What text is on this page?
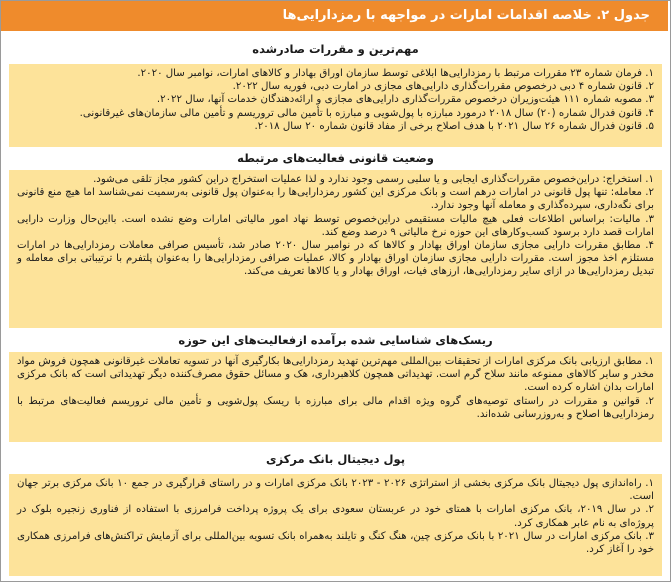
جدول ۲. خلاصه اقدامات امارات در مواجهه با رمزدارایی‌ها
مهم‌ترین و مقررات صادرشده

۱. فرمان شماره ۲۳ مقررات مرتبط با رمزدارایی‌ها ابلاغی توسط سازمان اوراق بهادار و کالاهای امارات، نوامبر سال ۲۰۲۰.

۲. قانون شماره ۴ دبی درخصوص مقررات‌گذاری دارایی‌های مجازی در امارت دبی، فوریه سال ۲۰۲۲.

۳. مصوبه شماره ۱۱۱ هیئت‌وزیران درخصوص مقررات‌گذاری دارایی‌های مجازی و ارائه‌دهندگان خدمات آنها، سال ۲۰۲۲.

۴. قانون فدرال شماره (۲۰) سال ۲۰۱۸ درمورد مبارزه با پول‌شویی و مبارزه با تأمین مالی تروریسم و تأمین مالی سازمان‌های غیرقانونی.

۵. قانون فدرال شماره ۲۶ سال ۲۰۲۱ با هدف اصلاح برخی از مفاد قانون شماره ۲۰ سال ۲۰۱۸.

وضعیت قانونی فعالیت‌های مرتبطه

۱. استخراج: دراین‌خصوص مقررات‌گذاری ایجابی و یا سلبی رسمی وجود ندارد و لذا عملیات استخراج دراین کشور مجاز تلقی می‌شود.

۲. معامله: تنها پول قانونی در امارات درهم است و بانک مرکزی این کشور رمزدارایی‌ها را به‌عنوان پول قانونی به‌رسمیت نمی‌شناسد اما هیچ منع قانونی برای نگه‌داری، سپرده‌گذاری و معامله آنها وجود ندارد.

۳. مالیات: براساس اطلاعات فعلی هیچ مالیات مستقیمی دراین‌خصوص توسط نهاد امور مالیاتی امارات وضع نشده است. بااین‌حال وزارت دارایی امارات قصد دارد برسود کسب‌وکارهای این حوزه نرخ مالیاتی ۹ درصد وضع کند.

۴. مطابق مقررات دارایی مجازی سازمان اوراق بهادار و کالاها که در نوامبر سال ۲۰۲۰ صادر شد، تأسیس صرافی معاملات رمزدارایی‌ها در امارات مستلزم اخذ مجوز است. مقررات دارایی مجازی سازمان اوراق بهادار و کالا، عملیات صرافی رمزدارایی‌ها را به‌عنوان پلتفرم با ترتیباتی برای معامله و تبدیل رمزدارایی‌ها در ازای سایر رمزدارایی‌ها، ارزهای فیات، اوراق بهادار و یا کالاها تعریف می‌کند.

ریسک‌های شناسایی شده برآمده ازفعالیت‌های این حوزه

۱. مطابق ارزیابی بانک مرکزی امارات از تحقیقات بین‌المللی مهم‌ترین تهدید رمزدارایی‌ها بکارگیری آنها در تسویه تعاملات غیرقانونی همچون فروش مواد مخدر و سایر کالاهای ممنوعه مانند سلاح گرم است. تهدیداتی همچون کلاهبرداری، هک و مسائل حقوق مصرف‌کننده دیگر تهدیداتی است که بانک مرکزی امارات بدان اشاره کرده است.

۲. قوانین و مقررات در راستای توصیه‌های گروه ویژه اقدام مالی برای مبارزه با ریسک پول‌شویی و تأمین مالی تروریسم فعالیت‌های مرتبط با رمزدارایی‌ها اصلاح و به‌روزرسانی شده‌اند.

پول دیجیتال بانک مرکزی

۱. راه‌اندازی پول دیجیتال بانک مرکزی بخشی از استراتژی ۲۰۲۶ - ۲۰۲۳ بانک مرکزی امارات و در راستای قرارگیری در جمع ۱۰ بانک مرکزی برتر جهان است.

۲. در سال ۲۰۱۹، بانک مرکزی امارات با همتای خود در عربستان سعودی برای یک پروژه پرداخت فرامرزی با استفاده از فناوری زنجیره بلوک در پروژه‌ای به نام عابر همکاری کرد.

۳. بانک مرکزی امارات در سال ۲۰۲۱ با بانک مرکزی چین، هنگ کنگ و تایلند به‌همراه بانک تسویه بین‌المللی برای آزمایش تراکنش‌های فرامرزی همکاری خود را آغاز کرد.
